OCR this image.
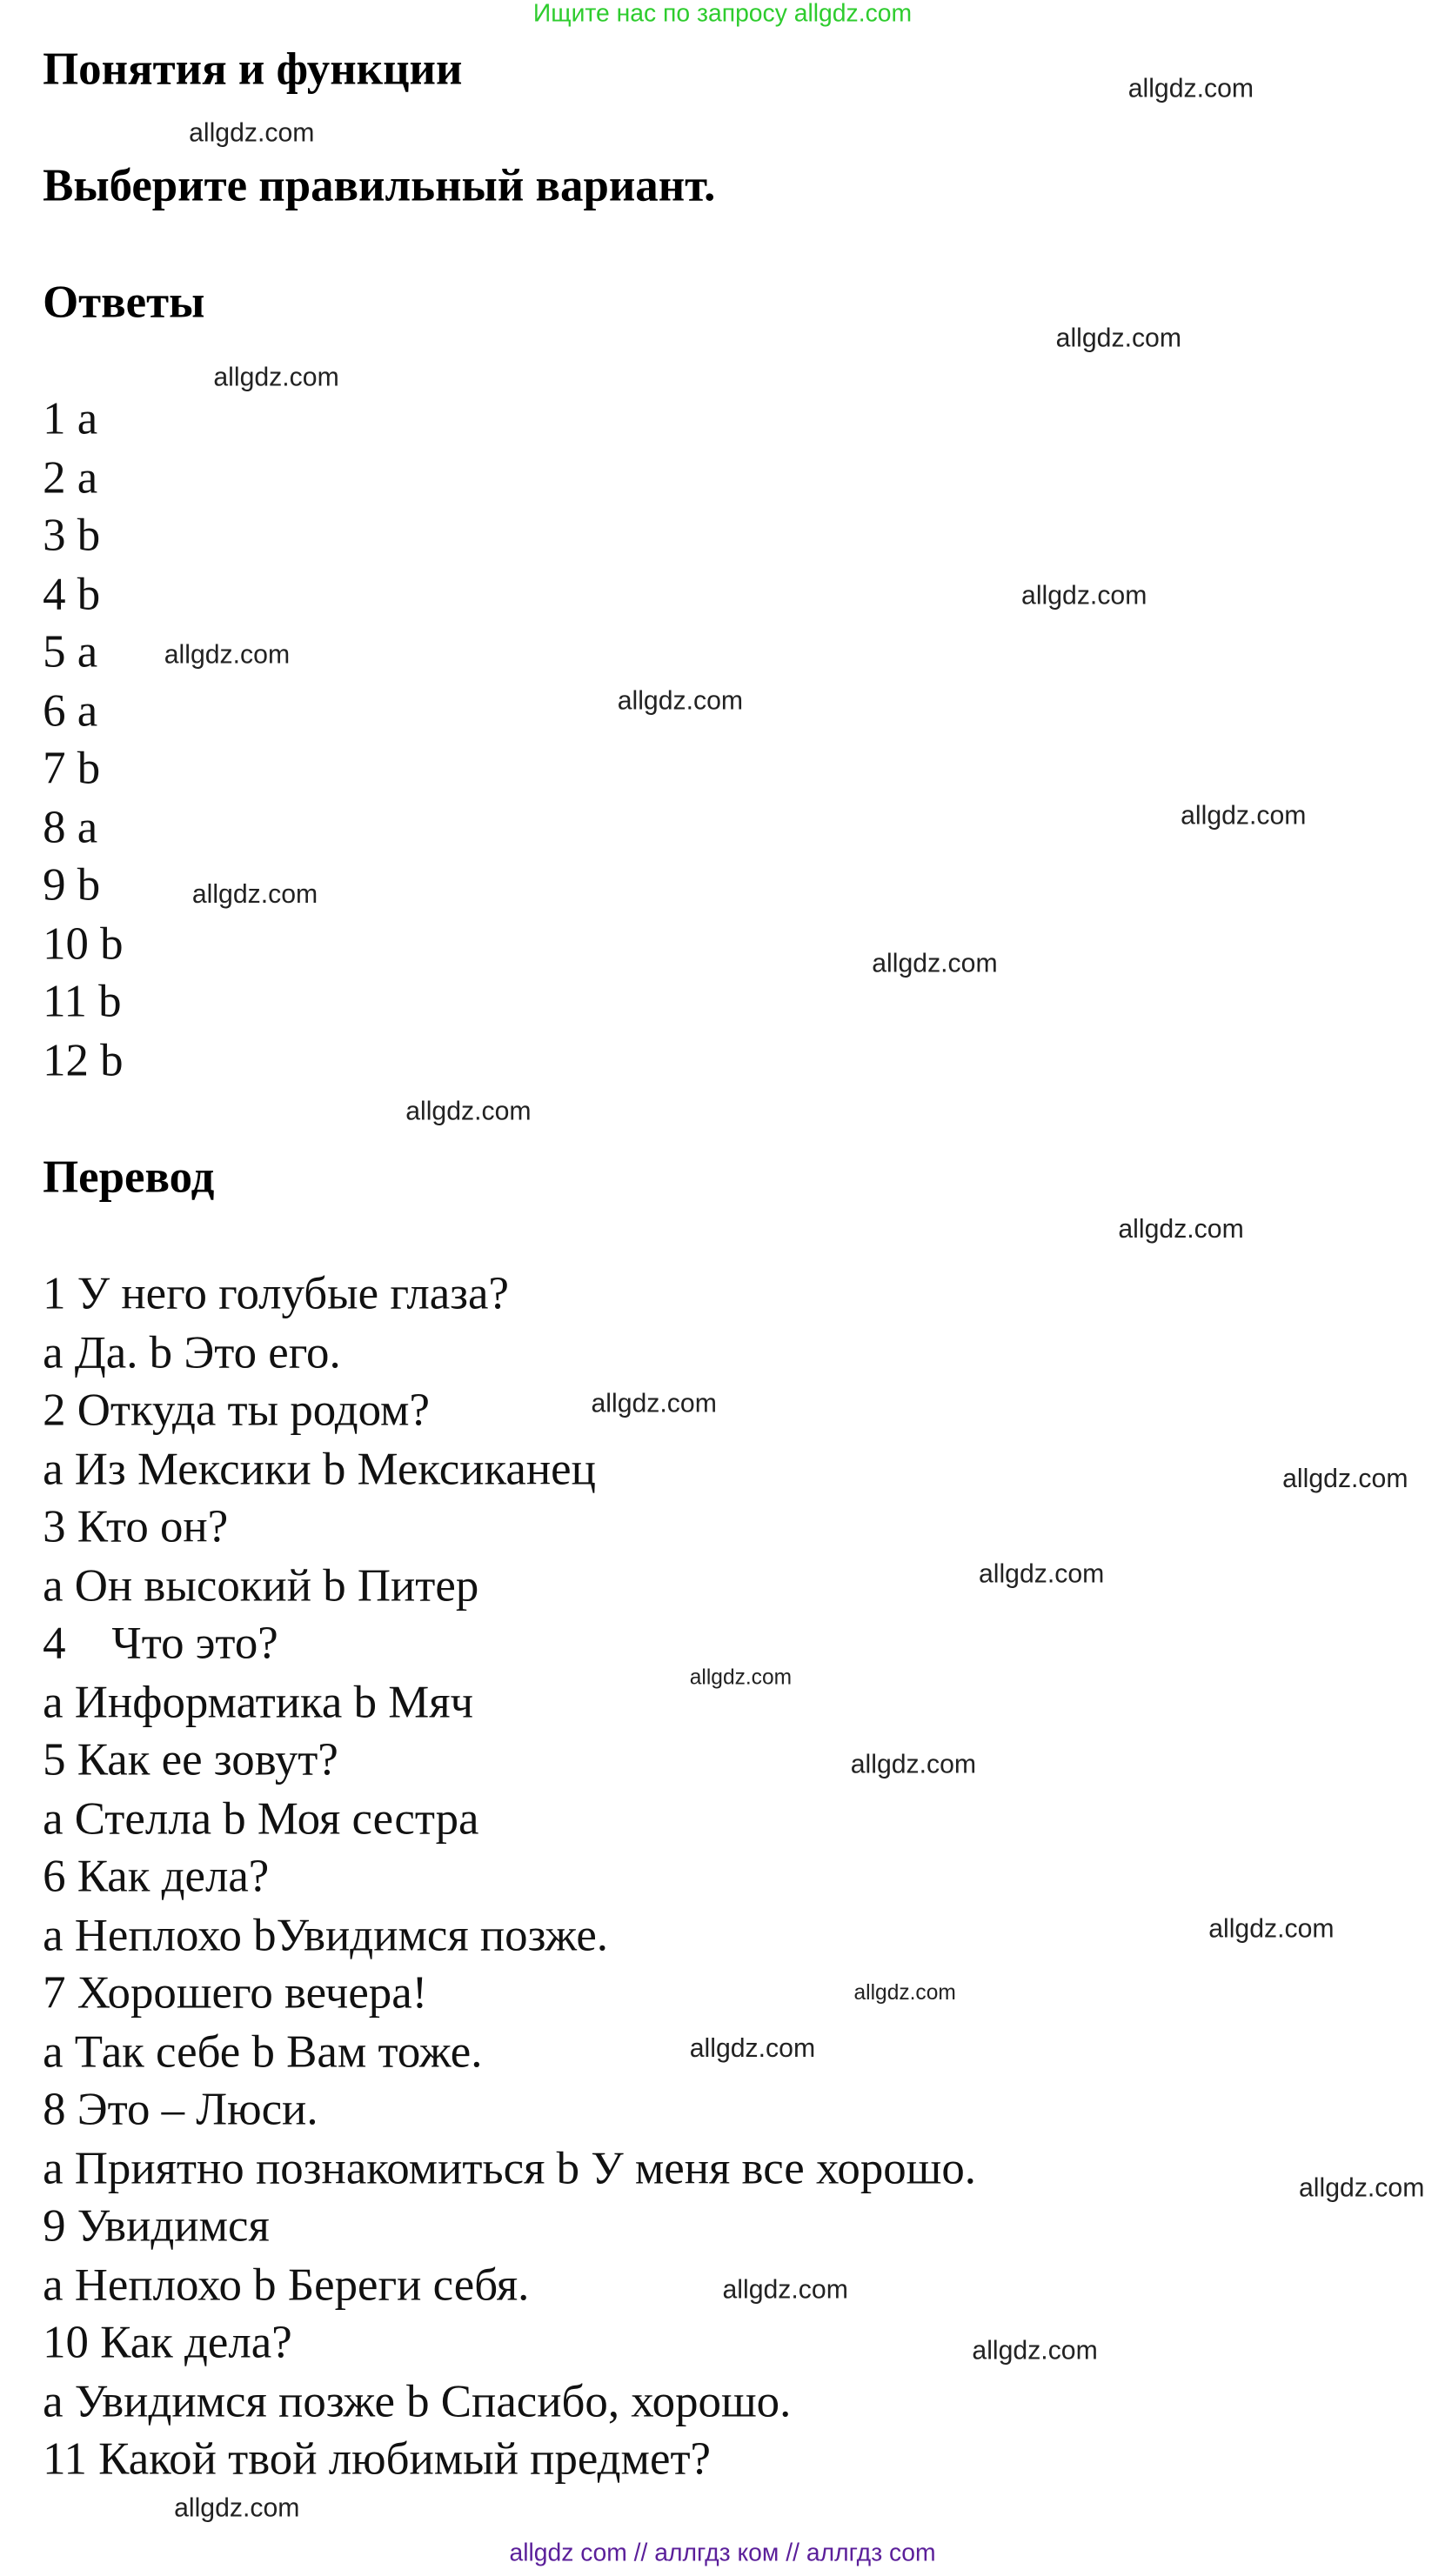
Ищите нас по запросу allgdz.com
Понятия и функции
Выберите правильный вариант.
Ответы
1 a
2 a
3 b
4 b
5 a
6 a
7 b
8 a
9 b
10 b
11 b
12 b
Перевод
1 У него голубые глаза?
a Да. b Это его.
2 Откуда ты родом?
a Из Мексики b Мексиканец
3 Кто он?
a Он высокий b Питер
4    Что это?
a Информатика b Мяч
5 Как ее зовут?
a Стелла b Моя сестра
6 Как дела?
a Неплохо bУвидимся позже.
7 Хорошего вечера!
a Так себе b Вам тоже.
8 Это – Люси.
a Приятно познакомиться b У меня все хорошо.
9 Увидимся
a Неплохо b Береги себя.
10 Как дела?
a Увидимся позже b Спасибо, хорошо.
11 Какой твой любимый предмет?
allgdz.com
allgdz.com
allgdz.com
allgdz.com
allgdz.com
allgdz.com
allgdz.com
allgdz.com
allgdz.com
allgdz.com
allgdz.com
allgdz.com
allgdz.com
allgdz.com
allgdz.com
allgdz.com
allgdz.com
allgdz.com
allgdz.com
allgdz.com
allgdz.com
allgdz.com
allgdz.com
allgdz.com
allgdz com // аллгдз ком // аллгдз com
